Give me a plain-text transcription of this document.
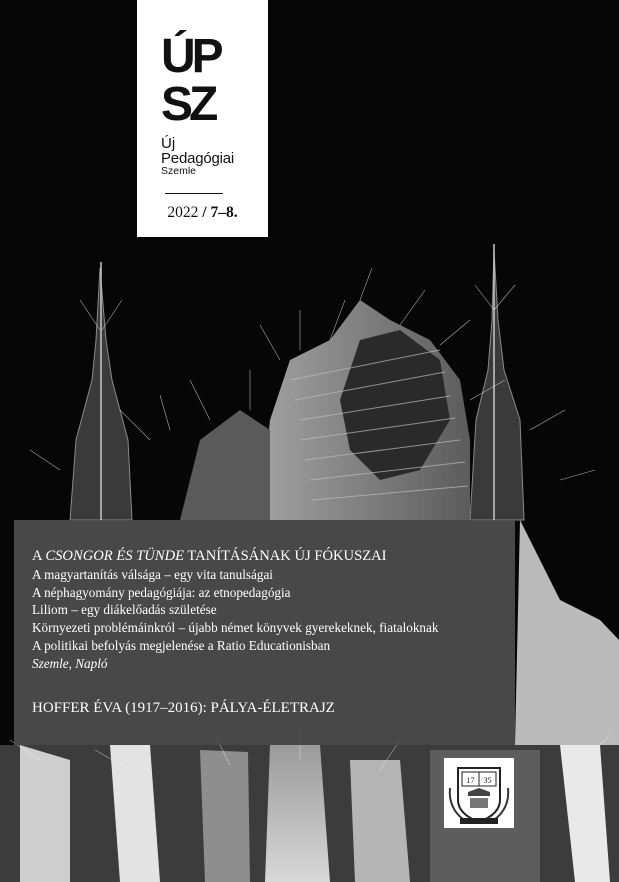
ÚP
SZ
Új
Pedagógiai
Szemle
2022 / 7–8.
A CSONGOR ÉS TÜNDE TANÍTÁSÁNAK ÚJ FÓKUSZAI
A magyartanítás válsága – egy vita tanulságai
A néphagyomány pedagógiája: az etnopedagógia
Liliom – egy diákelőadás születése
Környezeti problémáinkról – újabb német könyvek gyerekeknek, fiataloknak
A politikai befolyás megjelenése a Ratio Educationisban
Szemle, Napló
HOFFER ÉVA (1917–2016): PÁLYA-ÉLETRAJZ
17 35
